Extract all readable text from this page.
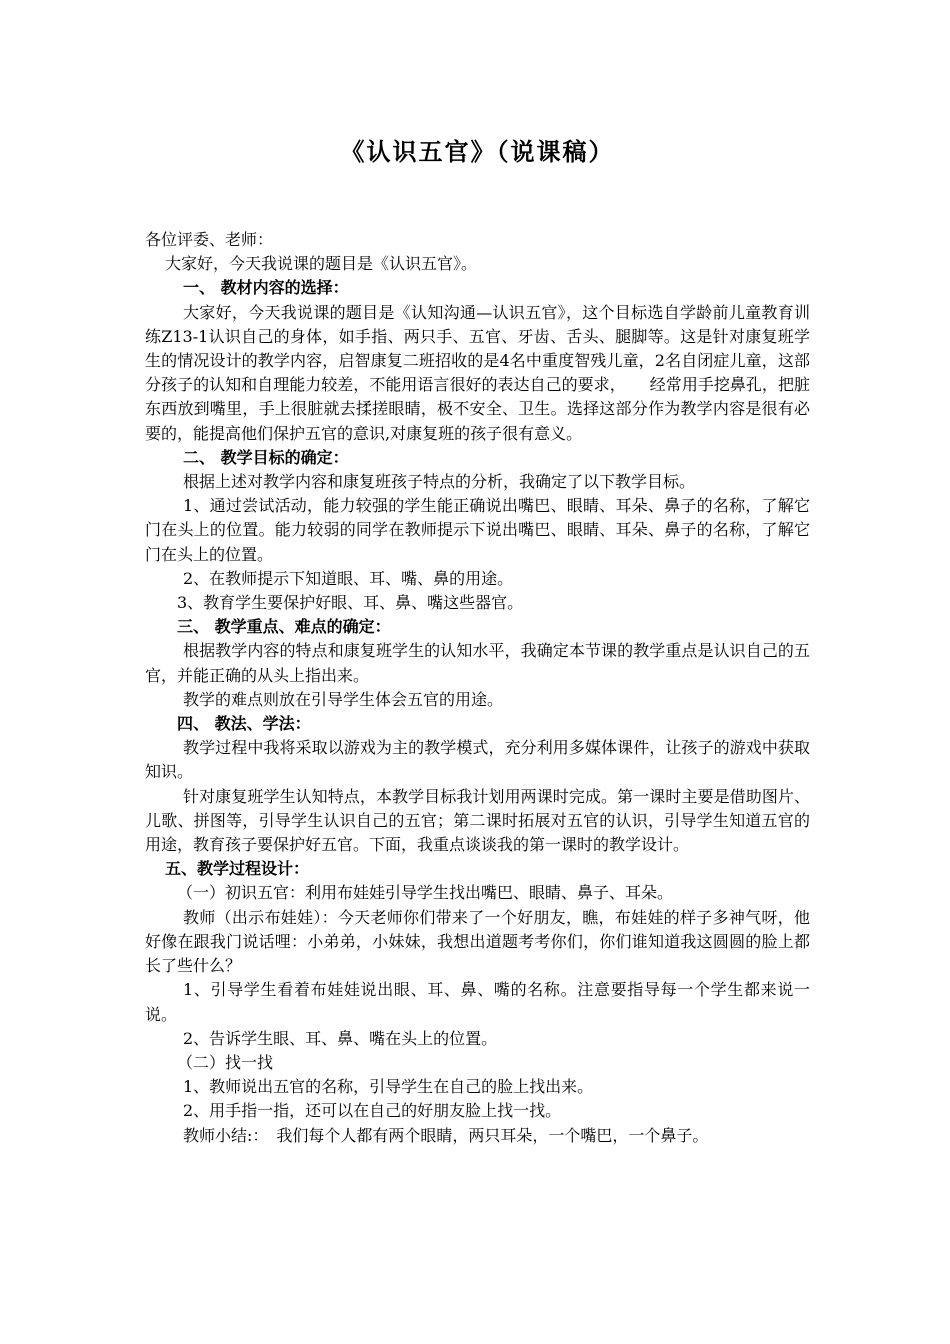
《认识五官》（说课稿）

各位评委、老师：

大家好，今天我说课的题目是《认识五官》。

一、 教材内容的选择：

大家好，今天我说课的题目是《认知沟通—认识五官》，这个目标选自学龄前儿童教育训练Z13-1认识自己的身体，如手指、两只手、五官、牙齿、舌头、腿脚等。这是针对康复班学生的情况设计的教学内容，启智康复二班招收的是4名中重度智残儿童，2名自闭症儿童，这部分孩子的认知和自理能力较差，不能用语言很好的表达自己的要求，　　经常用手挖鼻孔，把脏东西放到嘴里，手上很脏就去揉搓眼睛，极不安全、卫生。选择这部分作为教学内容是很有必要的，能提高他们保护五官的意识,对康复班的孩子很有意义。

二、 教学目标的确定：

根据上述对教学内容和康复班孩子特点的分析，我确定了以下教学目标。

1、通过尝试活动，能力较强的学生能正确说出嘴巴、眼睛、耳朵、鼻子的名称，了解它门在头上的位置。能力较弱的同学在教师提示下说出嘴巴、眼睛、耳朵、鼻子的名称，了解它门在头上的位置。

2、在教师提示下知道眼、耳、嘴、鼻的用途。

3、教育学生要保护好眼、耳、鼻、嘴这些器官。

三、 教学重点、难点的确定：

根据教学内容的特点和康复班学生的认知水平，我确定本节课的教学重点是认识自己的五官，并能正确的从头上指出来。

教学的难点则放在引导学生体会五官的用途。

四、 教法、学法：

教学过程中我将采取以游戏为主的教学模式，充分利用多媒体课件，让孩子的游戏中获取知识。

针对康复班学生认知特点，本教学目标我计划用两课时完成。第一课时主要是借助图片、儿歌、拼图等，引导学生认识自己的五官；第二课时拓展对五官的认识，引导学生知道五官的用途，教育孩子要保护好五官。下面，我重点谈谈我的第一课时的教学设计。

五、教学过程设计：

（一）初识五官：利用布娃娃引导学生找出嘴巴、眼睛、鼻子、耳朵。

教师（出示布娃娃）：今天老师你们带来了一个好朋友，瞧，布娃娃的样子多神气呀，他好像在跟我门说话哩：小弟弟，小妹妹，我想出道题考考你们，你们谁知道我这圆圆的脸上都长了些什么？

1、引导学生看着布娃娃说出眼、耳、鼻、嘴的名称。注意要指导每一个学生都来说一说。

2、告诉学生眼、耳、鼻、嘴在头上的位置。

（二）找一找

1、教师说出五官的名称，引导学生在自己的脸上找出来。

2、用手指一指，还可以在自己的好朋友脸上找一找。

教师小结:：　我们每个人都有两个眼睛，两只耳朵，一个嘴巴，一个鼻子。
